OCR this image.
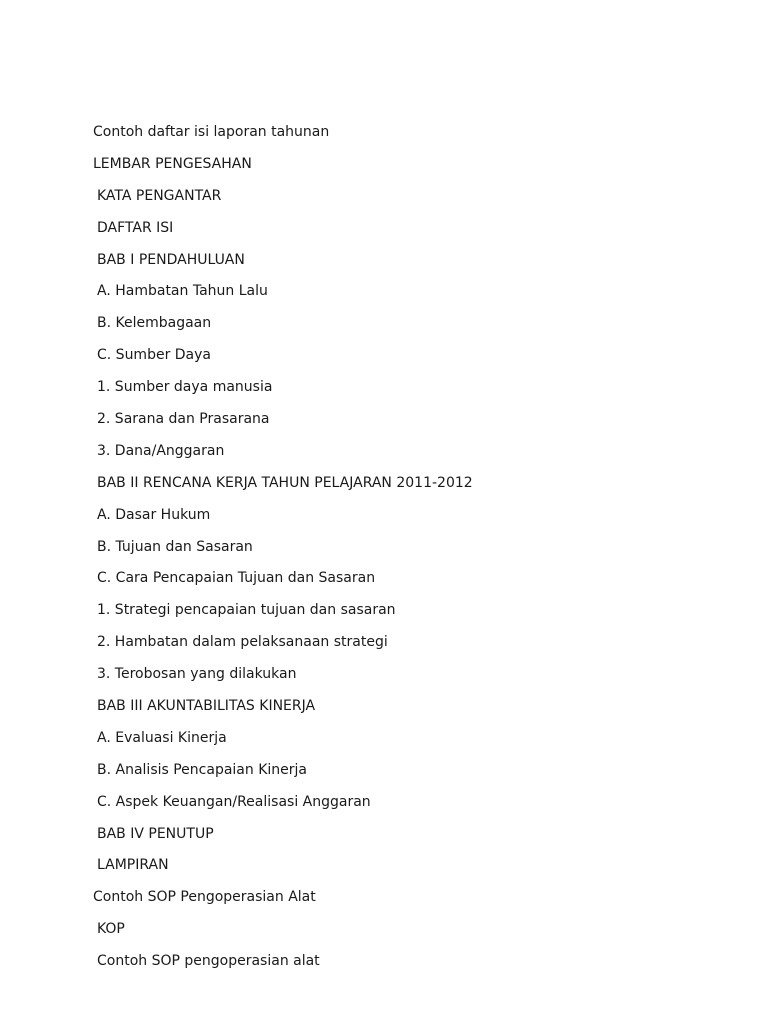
Contoh daftar isi laporan tahunan
LEMBAR PENGESAHAN
KATA PENGANTAR
DAFTAR ISI
BAB I PENDAHULUAN
A. Hambatan Tahun Lalu
B. Kelembagaan
C. Sumber Daya
1. Sumber daya manusia
2. Sarana dan Prasarana
3. Dana/Anggaran
BAB II RENCANA KERJA TAHUN PELAJARAN 2011-2012
A. Dasar Hukum
B. Tujuan dan Sasaran
C. Cara Pencapaian Tujuan dan Sasaran
1. Strategi pencapaian tujuan dan sasaran
2. Hambatan dalam pelaksanaan strategi
3. Terobosan yang dilakukan
BAB III AKUNTABILITAS KINERJA
A. Evaluasi Kinerja
B. Analisis Pencapaian Kinerja
C. Aspek Keuangan/Realisasi Anggaran
BAB IV PENUTUP
LAMPIRAN
Contoh SOP Pengoperasian Alat
KOP
Contoh SOP pengoperasian alat
